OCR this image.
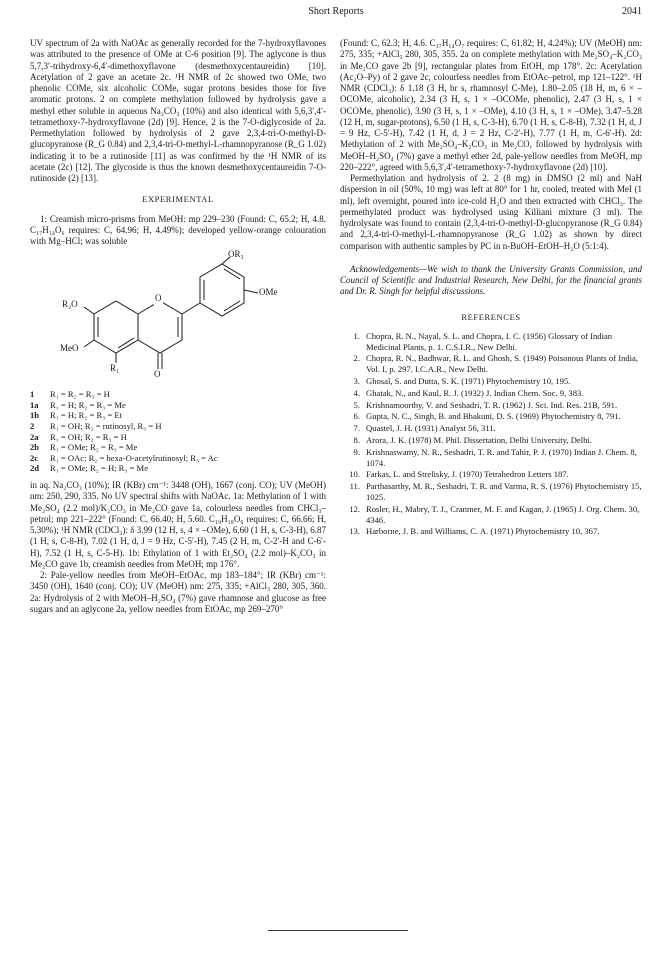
Short Reports	2041

UV spectrum of 2a with NaOAc as generally recorded for the 7-hydroxyflavones was attributed to the presence of OMe at C-6 position [9]. The aglycone is thus 5,7,3′-trihydroxy-6,4′-dimethoxyflavone (desmethoxycentaureidin) [10]. Acetylation of 2 gave an acetate 2c. ¹H NMR of 2c showed two OMe, two phenolic COMe, six alcoholic COMe, sugar protons besides those for five aromatic protons. 2 on complete methylation followed by hydrolysis gave a methyl ether soluble in aqueous Na₂CO₃ (10%) and also identical with 5,6,3′,4′-tetramethoxy-7-hydroxyflavone (2d) [9]. Hence, 2 is the 7-O-diglycoside of 2a. Permethylation followed by hydrolysis of 2 gave 2,3,4-tri-O-methyl-D-glucopyranose (R_G 0.84) and 2,3,4-tri-O-methyl-L-rhamnopyranose (R_G 1.02) indicating it to be a rutinoside [11] as was confirmed by the ¹H NMR of its acetate (2c) [12]. The glycoside is thus the known desmethoxycentaureidin 7-O-rutinoside (2) [13].

EXPERIMENTAL

1: Creamish micro-prisms from MeOH: mp 229–230 (Found: C, 65.2; H, 4.8. C₁₇H₁₄O₆ requires: C, 64.96; H, 4.49%); developed yellow-orange colouration with Mg–HCl; was soluble

O
O
OR₃
OMe
R₂O
MeO
R₁
1 R₁ = R₂ = R₃ = H
1a R₁ = H; R₂ = R₃ = Me
1b R₁ = H; R₂ = R₃ = Et
2 R₁ = OH; R₂ = rutinosyl, R₃ = H
2a R₁ = OH; R₂ = R₃ = H
2b R₁ = OMe; R₂ = R₃ = Me
2c R₁ = OAc; R₂ = hexa-O-acetylrutinosyl; R₃ = Ac
2d R₁ = OMe; R₂ = H; R₃ = Me

in aq. Na₂CO₃ (10%); IR (KBr) cm⁻¹: 3448 (OH), 1667 (conj. CO); UV (MeOH) nm: 250, 290, 335. No UV spectral shifts with NaOAc. 1a: Methylation of 1 with Me₂SO₄ (2.2 mol)/K₂CO₃ in Me₂CO gave 1a, colourless needles from CHCl₃–petrol; mp 221–222° (Found: C, 66.40; H, 5.60. C₁₉H₁₈O₆ requires: C, 66.66; H, 5.30%); ¹H NMR (CDCl₃): δ 3.99 (12 H, s, 4 × –OMe), 6.60 (1 H, s, C-3-H), 6.87 (1 H, s, C-8-H), 7.02 (1 H, d, J = 9 Hz, C-5′-H), 7.45 (2 H, m, C-2′-H and C-6′-H), 7.52 (1 H, s, C-5-H). 1b: Ethylation of 1 with Et₂SO₄ (2.2 mol)–K₂CO₃ in Me₂CO gave 1b, creamish needles from MeOH; mp 176°.

2: Pale-yellow needles from MeOH–EtOAc, mp 183–184°; IR (KBr) cm⁻¹: 3450 (OH), 1640 (conj. CO); UV (MeOH) nm: 275, 335; +AlCl₃ 280, 305, 360. 2a: Hydrolysis of 2 with MeOH–H₂SO₄ (7%) gave rhamnose and glucose as free sugars and an aglycone 2a, yellow needles from EtOAc, mp 269–270°

(Found: C, 62.3; H, 4.6. C₁₇H₁₄O₇ requires: C, 61.82; H, 4.24%); UV (MeOH) nm: 275, 335; +AlCl₃ 280, 305, 355. 2a on complete methylation with Me₂SO₄–K₂CO₃ in Me₂CO gave 2b [9], rectangular plates from EtOH, mp 178°. 2c: Acetylation (Ac₂O–Py) of 2 gave 2c, colourless needles from EtOAc–petrol, mp 121–122°. ¹H NMR (CDCl₃): δ 1.18 (3 H, br s, rhamnosyl C-Me), 1.80–2.05 (18 H, m, 6 × –OCOMe, alcoholic), 2.34 (3 H, s, 1 × –OCOMe, phenolic), 2.47 (3 H, s, 1 × OCOMe, phenolic), 3.90 (3 H, s, 1 × –OMe), 4.10 (3 H, s, 1 × –OMe), 3.47–5.28 (12 H, m, sugar-protons), 6.50 (1 H, s, C-3-H), 6.70 (1 H, s, C-8-H), 7.32 (1 H, d, J = 9 Hz, C-5′-H), 7.42 (1 H, d, J = 2 Hz, C-2′-H), 7.77 (1 H, m, C-6′-H). 2d: Methylation of 2 with Me₂SO₄–K₂CO₃ in Me₂CO, followed by hydrolysis with MeOH–H₂SO₄ (7%) gave a methyl ether 2d, pale-yellow needles from MeOH, mp 220–222°, agreed with 5,6,3′,4′-tetramethoxy-7-hydroxyflavone (2d) [10].

Permethylation and hydrolysis of 2. 2 (8 mg) in DMSO (2 ml) and NaH dispersion in oil (50%, 10 mg) was left at 80° for 1 hr, cooled, treated with MeI (1 ml), left overnight, poured into ice-cold H₂O and then extracted with CHCl₃. The permethylated product was hydrolysed using Killiani mixture (3 ml). The hydrolysate was found to contain (2,3,4-tri-O-methyl-D-glucopyranose (R_G 0.84) and 2,3,4-tri-O-methyl-L-rhamnopyranose (R_G 1.02) as shown by direct comparison with authentic samples by PC in n-BuOH–EtOH–H₂O (5:1:4).

Acknowledgements—We wish to thank the University Grants Commission, and Council of Scientific and Industrial Research, New Delhi, for the financial grants and Dr. R. Singh for helpful discussions.

REFERENCES
1. Chopra, R. N., Nayal, S. L. and Chopra, I. C. (1956) Glossary of Indian Medicinal Plants, p. 1. C.S.I.R., New Delhi.
2. Chopra, R. N., Badhwar, R. L. and Ghosh, S. (1949) Poisonous Plants of India, Vol. I, p. 297. I.C.A.R., New Delhi.
3. Ghosal, S. and Dutta, S. K. (1971) Phytochemistry 10, 195.
4. Ghatak, N., and Kaul, R. J. (1932) J. Indian Chem. Soc. 9, 383.
5. Krishnamoorthy, V. and Seshadri, T. R. (1962) J. Sci. Ind. Res. 21B, 591.
6. Gupta, N. C., Singh, B. and Bhakuni, D. S. (1969) Phytochemistry 8, 791.
7. Quastel, J. H. (1931) Analyst 56, 311.
8. Arora, J. K. (1978) M. Phil. Dissertation, Delhi University, Delhi.
9. Krishnaswamy, N. R., Seshadri, T. R. and Tahir, P. J. (1970) Indian J. Chem. 8, 1074.
10. Farkas, L. and Strelisky, J. (1970) Tetrahedron Letters 187.
11. Parthasarthy, M. R., Seshadri, T. R. and Varma, R. S. (1976) Phytochemistry 15, 1025.
12. Rosler, H., Mabry, T. J., Cranmer, M. F. and Kagan, J. (1965) J. Org. Chem. 30, 4346.
13. Harborne, J. B. and Williams, C. A. (1971) Phytochemistry 10, 367.
